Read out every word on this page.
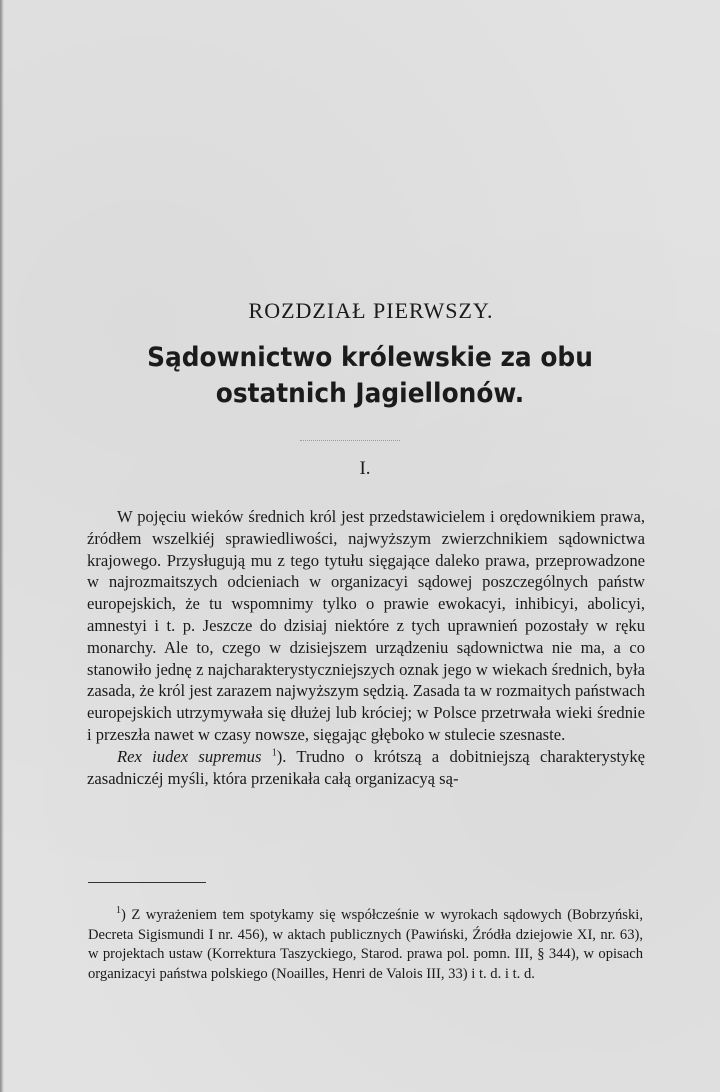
ROZDZIAŁ PIERWSZY.
Sądownictwo królewskie za obu ostatnich Jagiellonów.
I.

W pojęciu wieków średnich król jest przedstawicielem i orędownikiem prawa, źródłem wszelkiéj sprawiedliwości, najwyższym zwierzchnikiem sądownictwa krajowego. Przysługują mu z tego tytułu sięgające daleko prawa, przeprowadzone w najrozmaitszych odcieniach w organizacyi sądowej poszczególnych państw europejskich, że tu wspomnimy tylko o prawie ewokacyi, inhibicyi, abolicyi, amnestyi i t. p. Jeszcze do dzisiaj niektóre z tych uprawnień pozostały w ręku monarchy. Ale to, czego w dzisiejszem urządzeniu sądownictwa nie ma, a co stanowiło jednę z najcharakterystyczniejszych oznak jego w wiekach średnich, była zasada, że król jest zarazem najwyższym sędzią. Zasada ta w rozmaitych państwach europejskich utrzymywała się dłużej lub króciej; w Polsce przetrwała wieki średnie i przeszła nawet w czasy nowsze, sięgając głęboko w stulecie szesnaste.

Rex iudex supremus $^1$). Trudno o krótszą a dobitniejszą charakterystykę zasadniczéj myśli, która przenikała całą organizacyą są-

$^1$) Z wyrażeniem tem spotykamy się współcześnie w wyrokach sądowych (Bobrzyński, Decreta Sigismundi I nr. 456), w aktach publicznych (Pawiński, Źródła dziejowie XI, nr. 63), w projektach ustaw (Korrektura Taszyckiego, Starod. prawa pol. pomn. III, § 344), w opisach organizacyi państwa polskiego (Noailles, Henri de Valois III, 33) i t. d. i t. d.
